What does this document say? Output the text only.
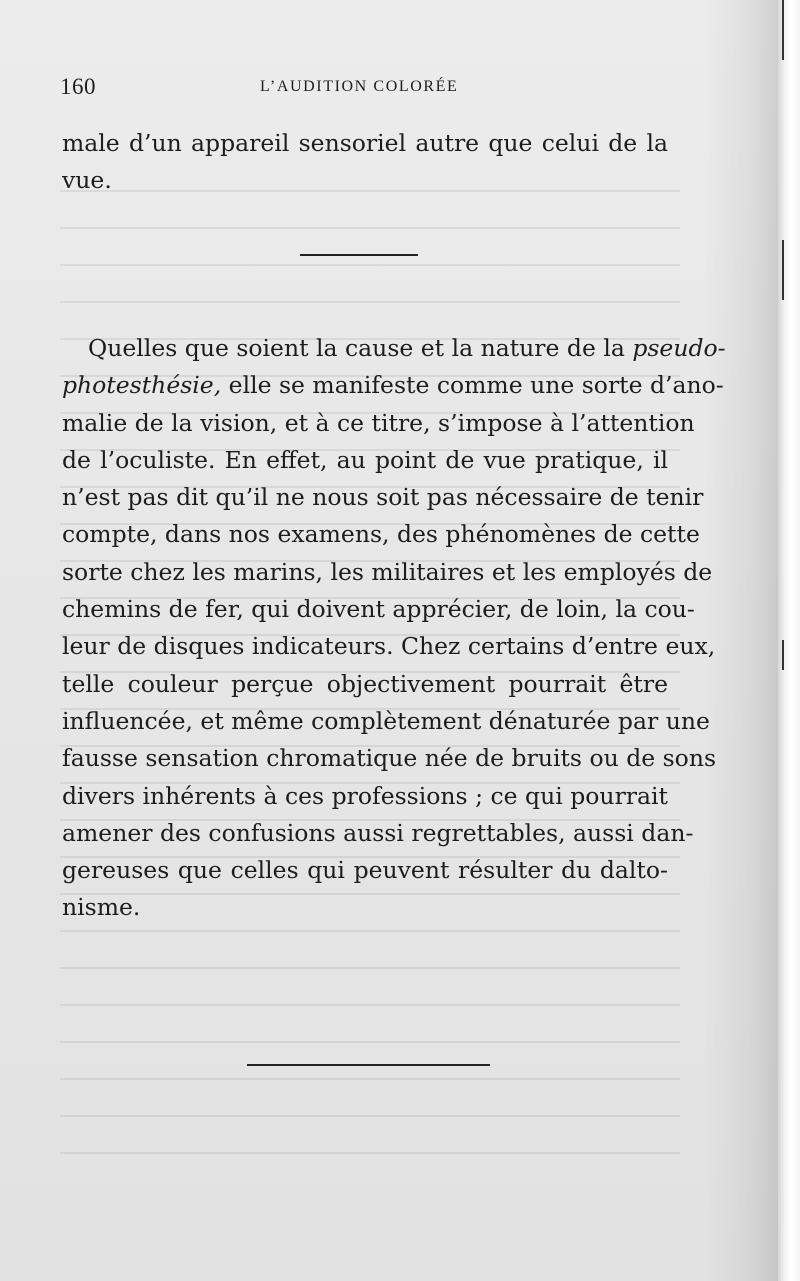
160	L’AUDITION COLORÉE
male d’un appareil sensoriel autre que celui de la
vue.
Quelles que soient la cause et la nature de la pseudo-
photesthésie, elle se manifeste comme une sorte d’ano-
malie de la vision, et à ce titre, s’impose à l’attention
de l’oculiste. En effet, au point de vue pratique, il
n’est pas dit qu’il ne nous soit pas nécessaire de tenir
compte, dans nos examens, des phénomènes de cette
sorte chez les marins, les militaires et les employés de
chemins de fer, qui doivent apprécier, de loin, la cou-
leur de disques indicateurs. Chez certains d’entre eux,
telle couleur perçue objectivement pourrait être
influencée, et même complètement dénaturée par une
fausse sensation chromatique née de bruits ou de sons
divers inhérents à ces professions ; ce qui pourrait
amener des confusions aussi regrettables, aussi dan-
gereuses que celles qui peuvent résulter du dalto-
nisme.
